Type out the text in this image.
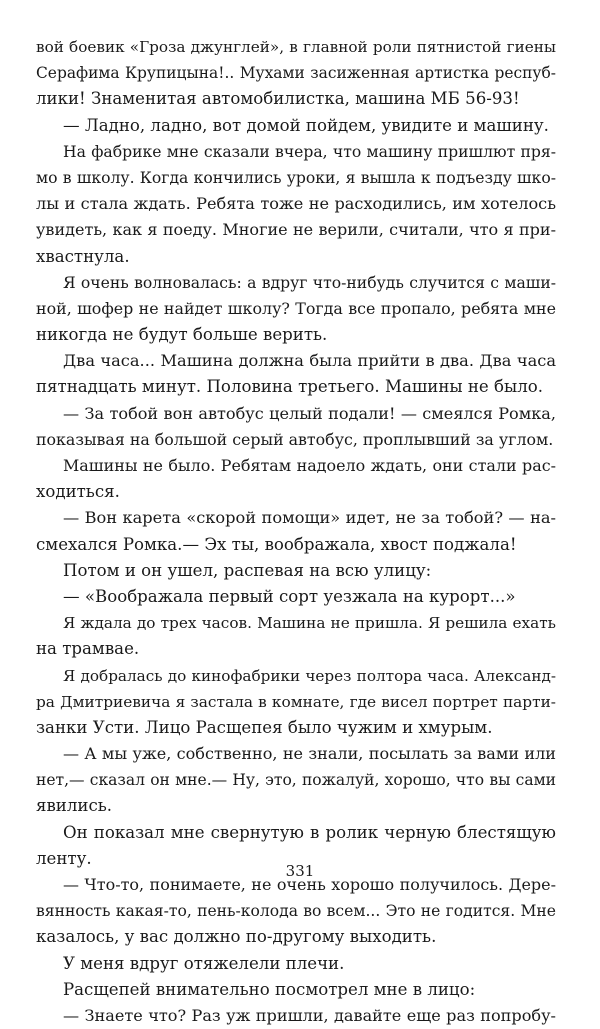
вой боевик «Гроза джунглей», в главной роли пятнистой гиены
Серафима Крупицына!.. Мухами засиженная артистка респуб-
лики! Знаменитая автомобилистка, машина МБ 56-93!
— Ладно, ладно, вот домой пойдем, увидите и машину.
На фабрике мне сказали вчера, что машину пришлют пря-
мо в школу. Когда кончились уроки, я вышла к подъезду шко-
лы и стала ждать. Ребята тоже не расходились, им хотелось
увидеть, как я поеду. Многие не верили, считали, что я при-
хвастнула.
Я очень волновалась: а вдруг что-нибудь случится с маши-
ной, шофер не найдет школу? Тогда все пропало, ребята мне
никогда не будут больше верить.
Два часа... Машина должна была прийти в два. Два часа
пятнадцать минут. Половина третьего. Машины не было.
— За тобой вон автобус целый подали! — смеялся Ромка,
показывая на большой серый автобус, проплывший за углом.
Машины не было. Ребятам надоело ждать, они стали рас-
ходиться.
— Вон карета «скорой помощи» идет, не за тобой? — на-
смехался Ромка.— Эх ты, воображала, хвост поджала!
Потом и он ушел, распевая на всю улицу:
— «Воображала первый сорт уезжала на курорт...»
Я ждала до трех часов. Машина не пришла. Я решила ехать
на трамвае.
Я добралась до кинофабрики через полтора часа. Александ-
ра Дмитриевича я застала в комнате, где висел портрет парти-
занки Усти. Лицо Расщепея было чужим и хмурым.
— А мы уже, собственно, не знали, посылать за вами или
нет,— сказал он мне.— Ну, это, пожалуй, хорошо, что вы сами
явились.
Он показал мне свернутую в ролик черную блестящую
ленту.
— Что-то, понимаете, не очень хорошо получилось. Дере-
вянность какая-то, пень-колода во всем... Это не годится. Мне
казалось, у вас должно по-другому выходить.
У меня вдруг отяжелели плечи.
Расщепей внимательно посмотрел мне в лицо:
— Знаете что? Раз уж пришли, давайте еще раз попробу-
331
